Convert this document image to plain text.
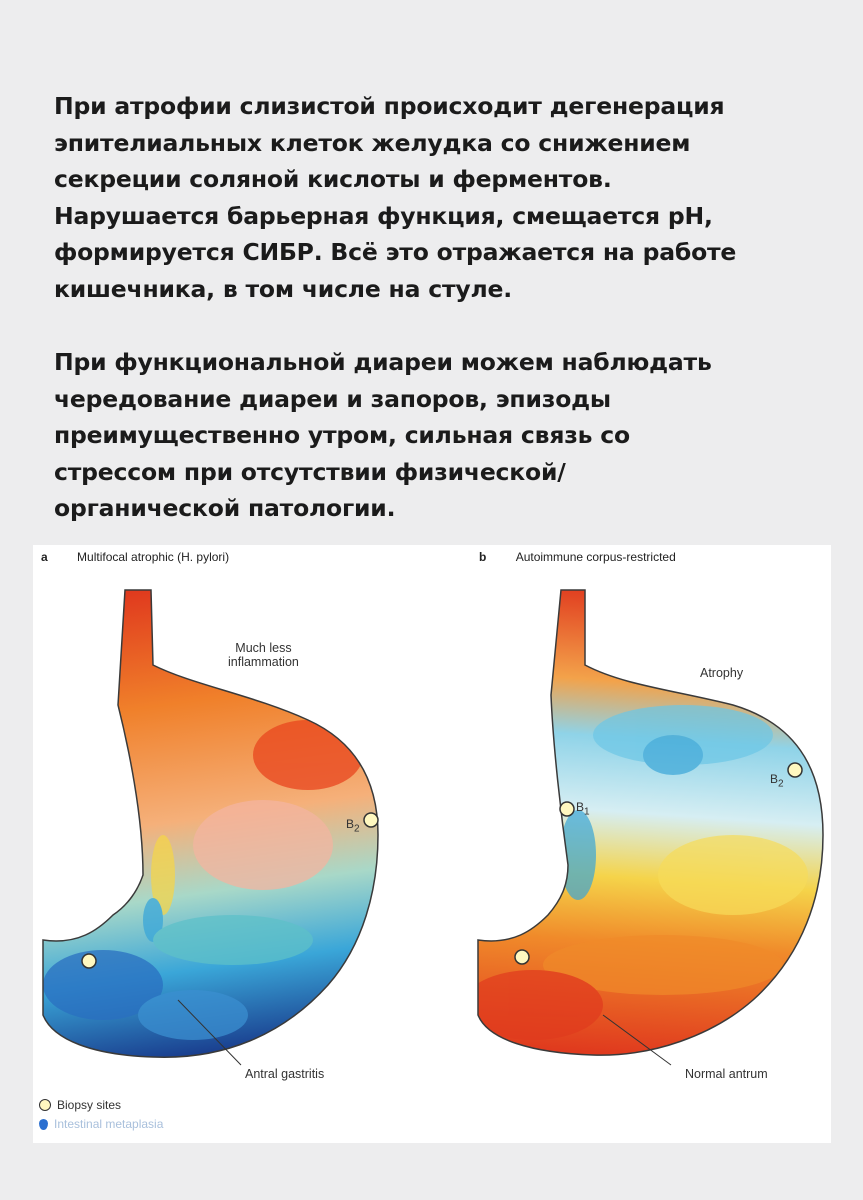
При атрофии слизистой происходит дегенерация
эпителиальных клеток желудка со снижением
секреции соляной кислоты и ферментов.
Нарушается барьерная функция, смещается pH,
формируется СИБР. Всё это отражается на работе
кишечника, в том числе на стуле.
При функциональной диареи можем наблюдать
чередование диареи и запоров, эпизоды
преимущественно утром, сильная связь со
стрессом при отсутствии физической/
органической патологии.
a Multifocal atrophic (H. pylori)	b Autoimmune corpus-restricted
Much less
inflammation
Antral gastritis
Atrophy
Normal antrum
$B_2$
$B_1$
$B_2$
Biopsy sites
Intestinal metaplasia
